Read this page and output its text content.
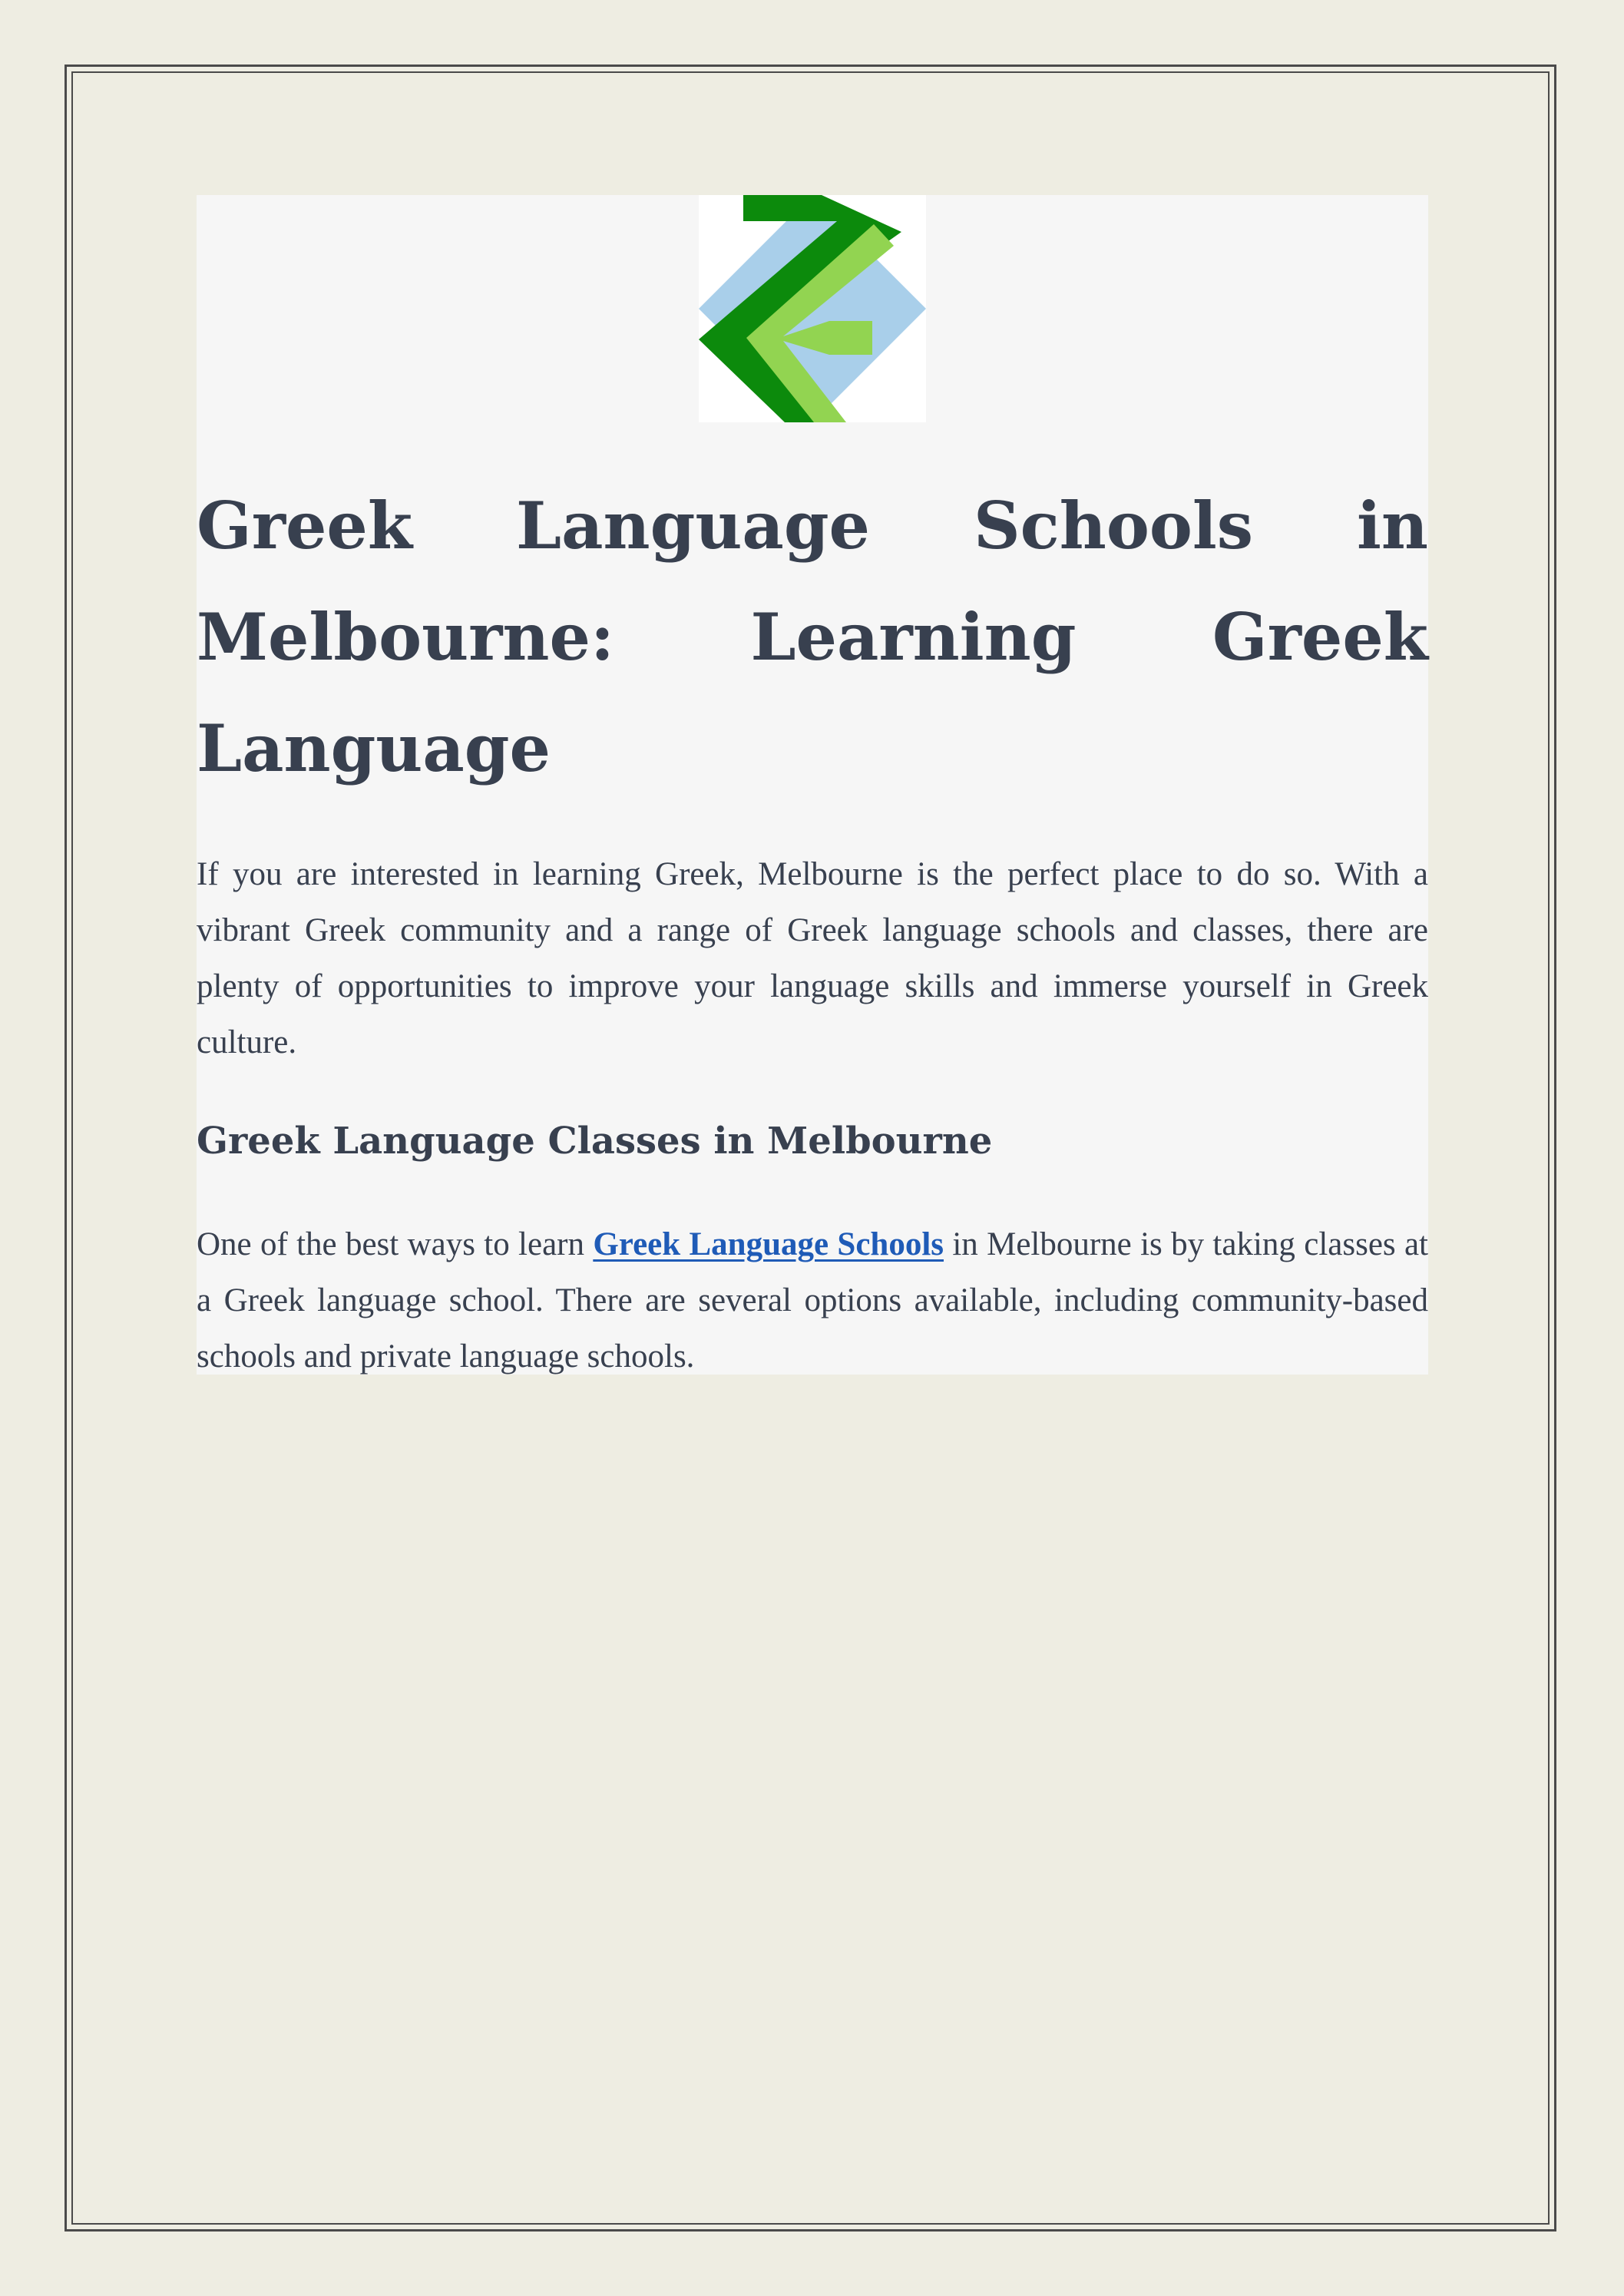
Greek Language Schools in Melbourne: Learning Greek Language

If you are interested in learning Greek, Melbourne is the perfect place to do so. With a vibrant Greek community and a range of Greek language schools and classes, there are plenty of opportunities to improve your language skills and immerse yourself in Greek culture.

Greek Language Classes in Melbourne

One of the best ways to learn Greek Language Schools in Melbourne is by taking classes at a Greek language school. There are several options available, including community-based schools and private language schools.
